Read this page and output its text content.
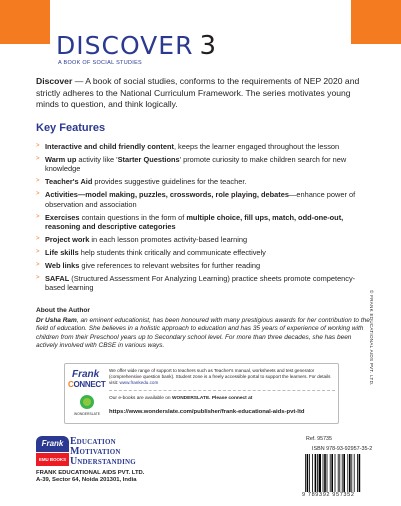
DISCOVER 3
A BOOK OF SOCIAL STUDIES

Discover — A book of social studies, conforms to the requirements of NEP 2020 and strictly adheres to the National Curriculum Framework. The series motivates young minds to question, and think logically.

Key Features
> Interactive and child friendly content, keeps the learner engaged throughout the lesson
> Warm up activity like 'Starter Questions' promote curiosity to make children search for new knowledge
> Teacher's Aid provides suggestive guidelines for the teacher.
> Activities—model making, puzzles, crosswords, role playing, debates—enhance power of observation and association
> Exercises contain questions in the form of multiple choice, fill ups, match, odd-one-out, reasoning and descriptive categories
> Project work in each lesson promotes activity-based learning
> Life skills help students think critically and communicate effectively
> Web links give references to relevant websites for further reading
> SAFAL (Structured Assessment For Analyzing Learning) practice sheets promote competency-based learning
About the Author

Dr Usha Ram, an eminent educationist, has been honoured with many prestigious awards for her contribution to the field of education. She believes in a holistic approach to education and has 35 years of experience of working with children from their Preschool years up to Secondary school level. For more than three decades, she has been actively involved with CBSE in various ways.	© FRANK EDUCATIONAL AIDS PVT. LTD.
Frank
CONNECT

We offer wide range of support to teachers such as Teacher's manual, worksheets and test generator (comprehensive question bank). Student zone is a freely accessible portal to support the learners. For details visit: www.frankedu.com

WONDERSLATE

Our e-books are available on WONDERSLATE. Please connect at

https://www.wonderslate.com/publisher/frank-educational-aids-pvt-ltd
Frank
EMU BOOKS
E DUCATION
M OTIVATION
U NDERSTANDING
FRANK EDUCATIONAL AIDS PVT. LTD.
A-39, Sector 64, Noida 201301, India
Ref. 95735
ISBN 978-93-92957-35-2
9 789392 957352
